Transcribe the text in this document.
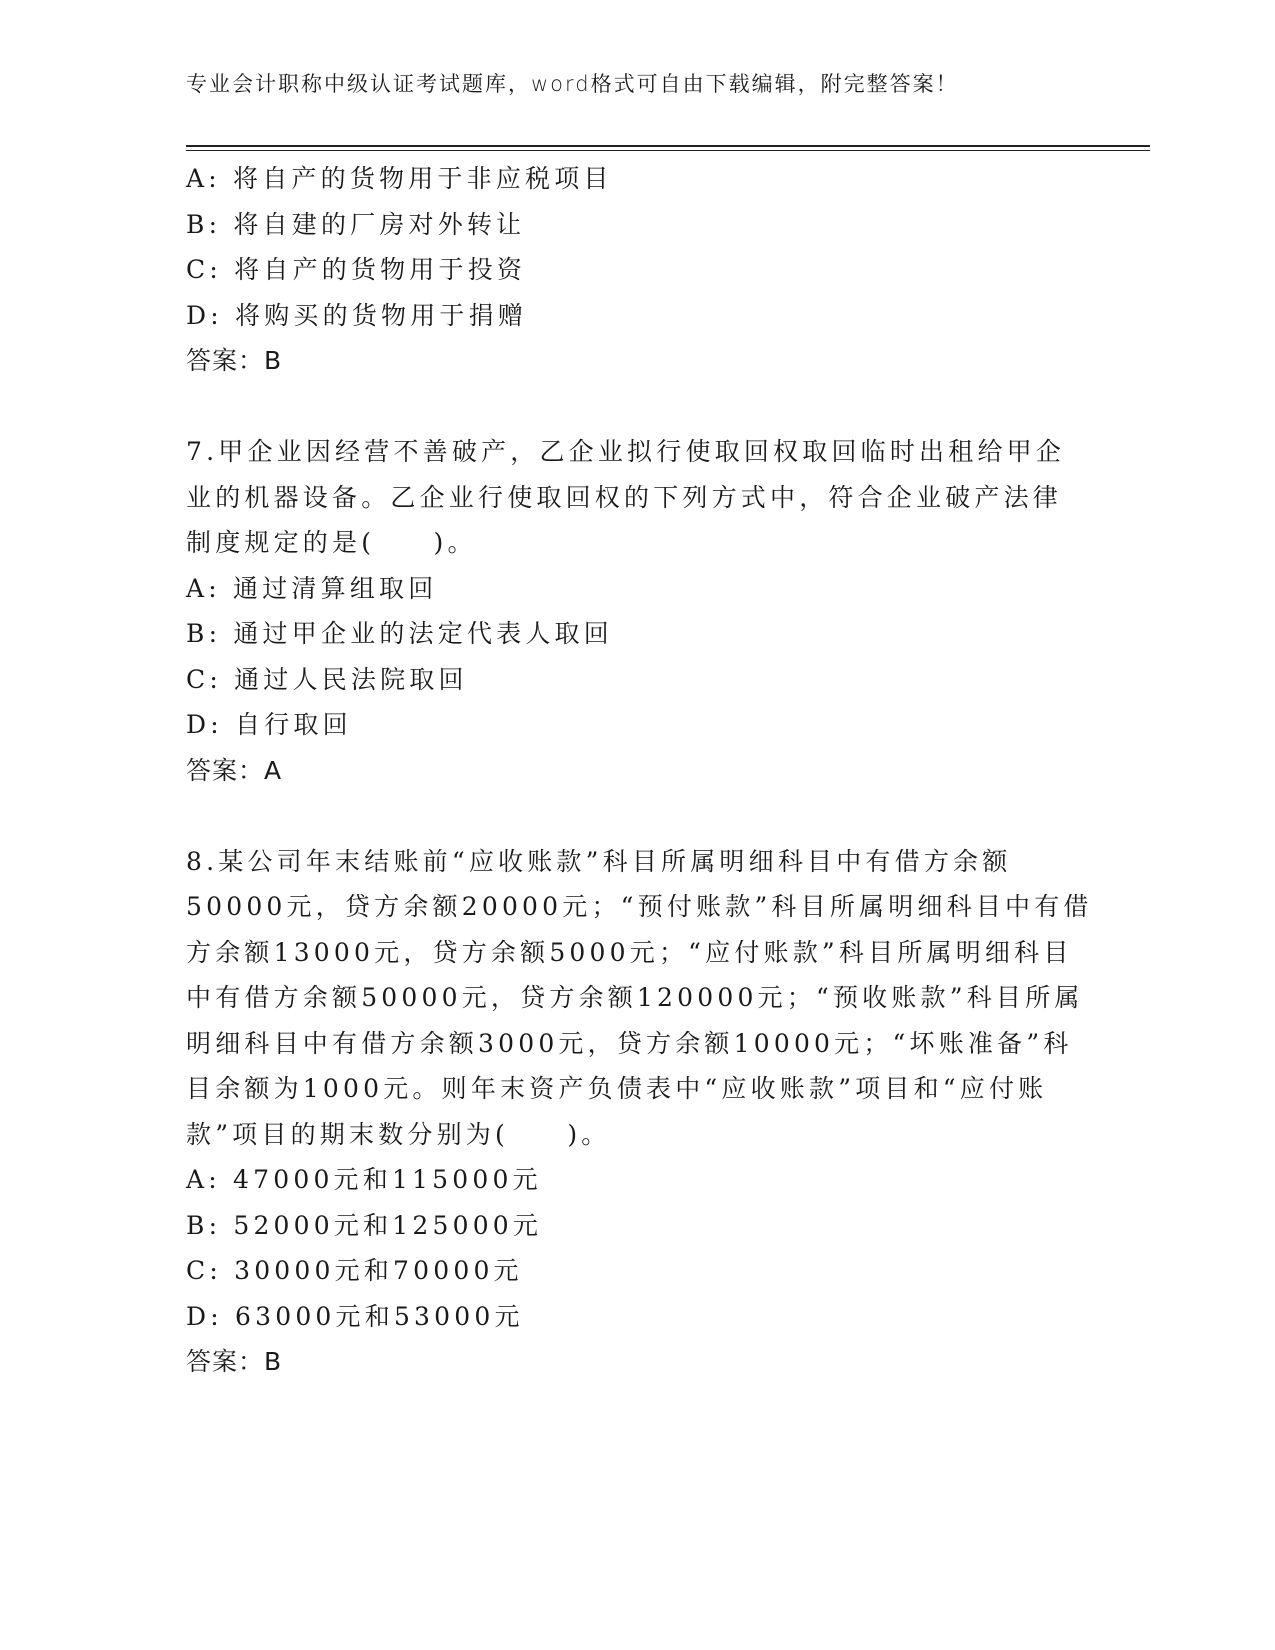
专业会计职称中级认证考试题库，word格式可自由下载编辑，附完整答案！
A: 将自产的货物用于非应税项目
B: 将自建的厂房对外转让
C: 将自产的货物用于投资
D: 将购买的货物用于捐赠
答案：B
7.甲企业因经营不善破产，乙企业拟行使取回权取回临时出租给甲企
业的机器设备。乙企业行使取回权的下列方式中，符合企业破产法律
制度规定的是(　　)。
A: 通过清算组取回
B: 通过甲企业的法定代表人取回
C: 通过人民法院取回
D: 自行取回
答案：A
8.某公司年末结账前“应收账款”科目所属明细科目中有借方余额
50000元，贷方余额20000元；“预付账款”科目所属明细科目中有借
方余额13000元，贷方余额5000元；“应付账款”科目所属明细科目
中有借方余额50000元，贷方余额120000元；“预收账款”科目所属
明细科目中有借方余额3000元，贷方余额10000元；“坏账准备”科
目余额为1000元。则年末资产负债表中“应收账款”项目和“应付账
款”项目的期末数分别为(　　)。
A: 47000元和115000元
B: 52000元和125000元
C: 30000元和70000元
D: 63000元和53000元
答案：B
